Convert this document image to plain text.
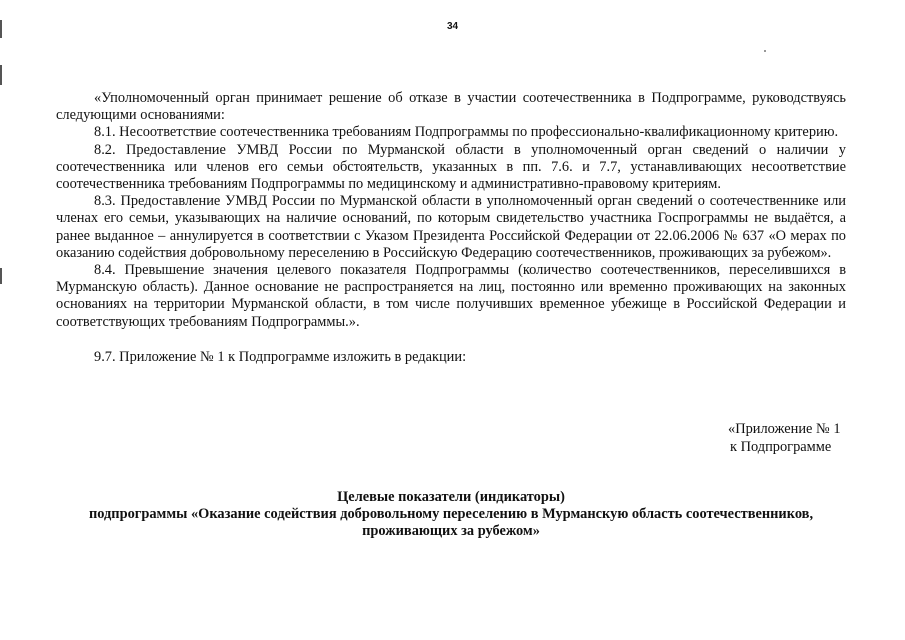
34

«Уполномоченный орган принимает решение об отказе в участии соотечественника в Подпрограмме, руководствуясь следующими основаниями:

8.1. Несоответствие соотечественника требованиям Подпрограммы по профессионально-квалификационному критерию.

8.2. Предоставление УМВД России по Мурманской области в уполномоченный орган сведений о наличии у соотечественника или членов его семьи обстоятельств, указанных в пп. 7.6. и 7.7, устанавливающих несоответствие соотечественника требованиям Подпрограммы по медицинскому и административно-правовому критериям.

8.3. Предоставление УМВД России по Мурманской области в уполномоченный орган сведений о соотечественнике или членах его семьи, указывающих на наличие оснований, по которым свидетельство участника Госпрограммы не выдаётся, а ранее выданное – аннулируется в соответствии с Указом Президента Российской Федерации от 22.06.2006 № 637 «О мерах по оказанию содействия добровольному переселению в Российскую Федерацию соотечественников, проживающих за рубежом».

8.4. Превышение значения целевого показателя Подпрограммы (количество соотечественников, переселившихся в Мурманскую область). Данное основание не распространяется на лиц, постоянно или временно проживающих на законных основаниях на территории Мурманской области, в том числе получивших временное убежище в Российской Федерации и соответствующих требованиям Подпрограммы.».

9.7. Приложение № 1 к Подпрограмме изложить в редакции:

«Приложение № 1
к Подпрограмме
Целевые показатели (индикаторы)
подпрограммы «Оказание содействия добровольному переселению в Мурманскую область соотечественников,
проживающих за рубежом»
